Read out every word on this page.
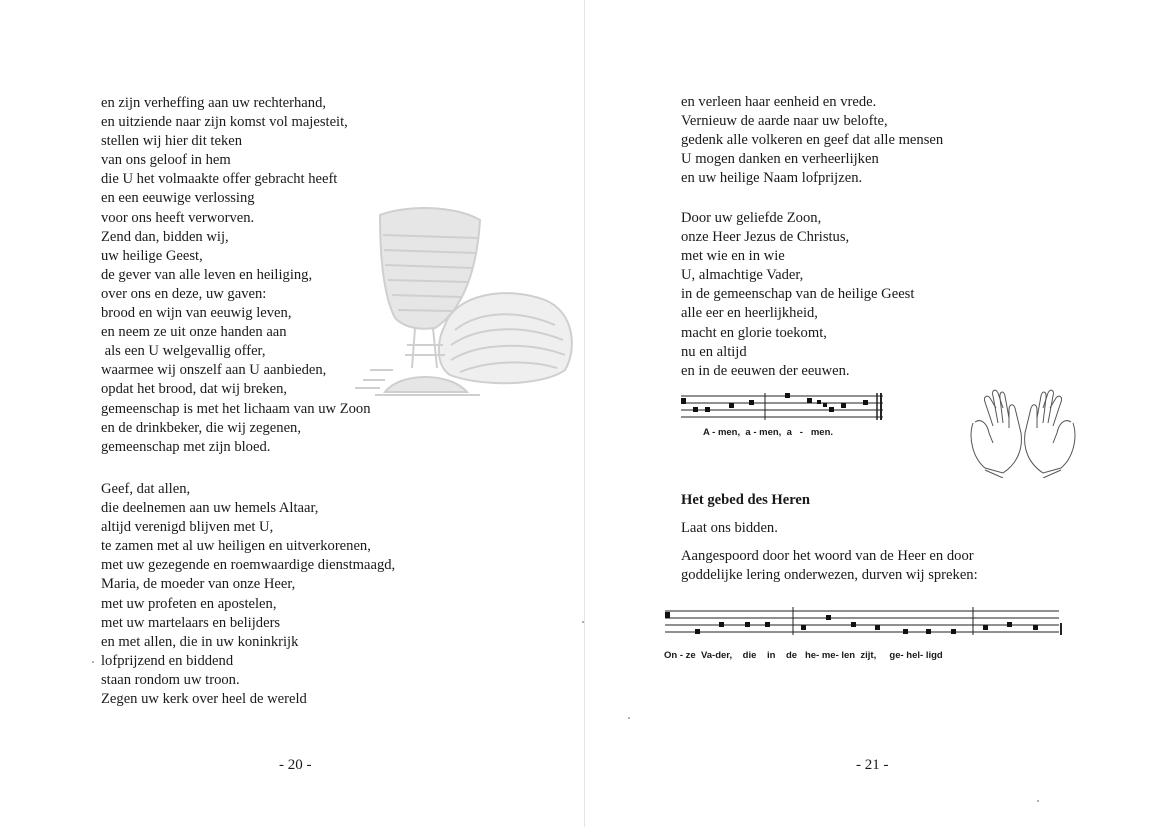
en zijn verheffing aan uw rechterhand,
en uitziende naar zijn komst vol majesteit,
stellen wij hier dit teken
van ons geloof in hem
die U het volmaakte offer gebracht heeft
en een eeuwige verlossing
voor ons heeft verworven.
Zend dan, bidden wij,
uw heilige Geest,
de gever van alle leven en heiliging,
over ons en deze, uw gaven:
brood en wijn van eeuwig leven,
en neem ze uit onze handen aan
als een U welgevallig offer,
waarmee wij onszelf aan U aanbieden,
opdat het brood, dat wij breken,
gemeenschap is met het lichaam van uw Zoon
en de drinkbeker, die wij zegenen,
gemeenschap met zijn bloed.
Geef, dat allen,
die deelnemen aan uw hemels Altaar,
altijd verenigd blijven met U,
te zamen met al uw heiligen en uitverkorenen,
met uw gezegende en roemwaardige dienstmaagd,
Maria, de moeder van onze Heer,
met uw profeten en apostelen,
met uw martelaars en belijders
en met allen, die in uw koninkrijk
lofprijzend en biddend
staan rondom uw troon.
Zegen uw kerk over heel de wereld
- 20 -
en verleen haar eenheid en vrede.
Vernieuw de aarde naar uw belofte,
gedenk alle volkeren en geef dat alle mensen
U mogen danken en verheerlijken
en uw heilige Naam lofprijzen.
Door uw geliefde Zoon,
onze Heer Jezus de Christus,
met wie en in wie
U, almachtige Vader,
in de gemeenschap van de heilige Geest
alle eer en heerlijkheid,
macht en glorie toekomt,
nu en altijd
en in de eeuwen der eeuwen.
A - men,  a - men,  a   -   men.
Het gebed des Heren
Laat ons bidden.
Aangespoord door het woord van de Heer en door goddelijke lering onderwezen, durven wij spreken:
On - ze  Va-der,    die    in    de   he- me- len  zijt,     ge- hel- ligd
- 21 -
